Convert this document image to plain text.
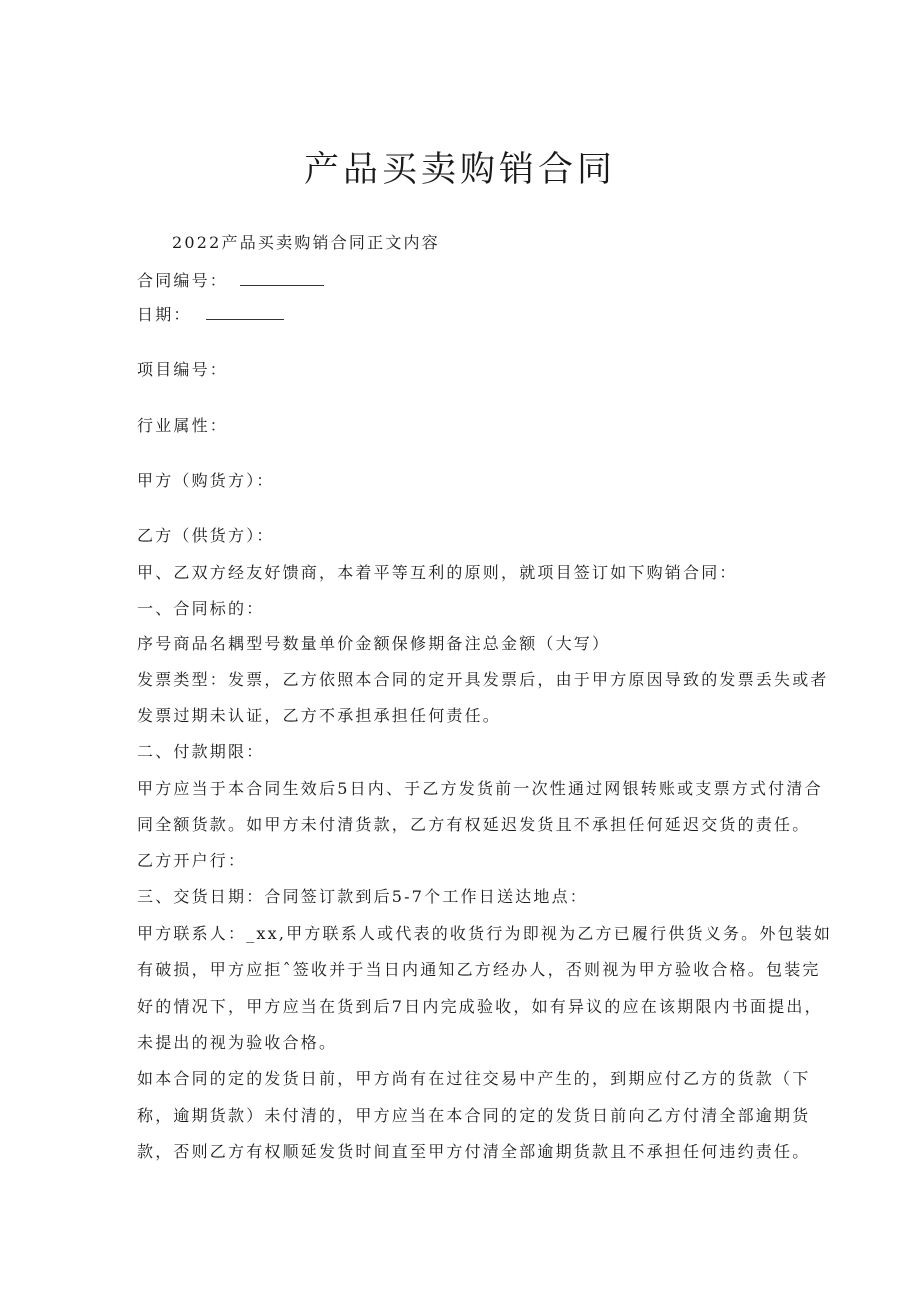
产品买卖购销合同
2022产品买卖购销合同正文内容
合同编号：
日期：
项目编号：
行业属性：
甲方（购货方）：
乙方（供货方）：
甲、乙双方经友好馈商，本着平等互利的原则，就项目签订如下购销合同：
一、合同标的：
序号商品名耦型号数量单价金额保修期备注总金额（大写）
发票类型：发票，乙方依照本合同的定开具发票后，由于甲方原因导致的发票丢失或者
发票过期未认证，乙方不承担承担任何责任。
二、付款期限：
甲方应当于本合同生效后5日内、于乙方发货前一次性通过网银转账或支票方式付清合
同全额货款。如甲方未付清货款，乙方有权延迟发货且不承担任何延迟交货的责任。
乙方开户行：
三、交货日期：合同签订款到后5-7个工作日送达地点：
甲方联系人：_xx,甲方联系人或代表的收货行为即视为乙方已履行供货义务。外包装如
有破损，甲方应拒ˆ签收并于当日内通知乙方经办人，否则视为甲方验收合格。包装完
好的情况下，甲方应当在货到后7日内完成验收，如有异议的应在该期限内书面提出，
未提出的视为验收合格。
如本合同的定的发货日前，甲方尚有在过往交易中产生的，到期应付乙方的货款（下
称，逾期货款）未付清的，甲方应当在本合同的定的发货日前向乙方付清全部逾期货
款，否则乙方有权顺延发货时间直至甲方付清全部逾期货款且不承担任何违约责任。
